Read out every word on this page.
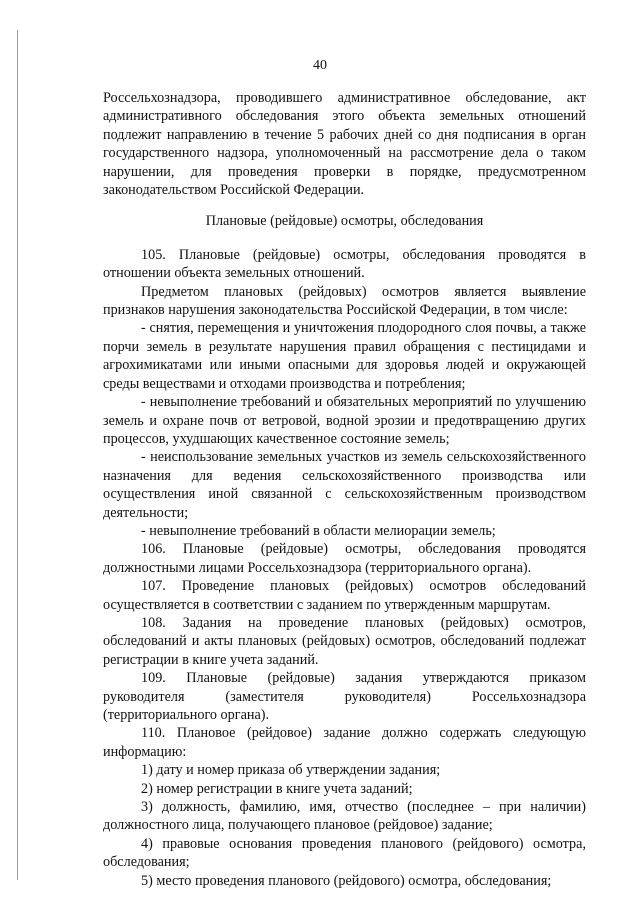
40

Россельхознадзора, проводившего административное обследование, акт административного обследования этого объекта земельных отношений подлежит направлению в течение 5 рабочих дней со дня подписания в орган государственного надзора, уполномоченный на рассмотрение дела о таком нарушении, для проведения проверки в порядке, предусмотренном законодательством Российской Федерации.

Плановые (рейдовые) осмотры, обследования

105. Плановые (рейдовые) осмотры, обследования проводятся в отношении объекта земельных отношений.

Предметом плановых (рейдовых) осмотров является выявление признаков нарушения законодательства Российской Федерации, в том числе:

- снятия, перемещения и уничтожения плодородного слоя почвы, а также порчи земель в результате нарушения правил обращения с пестицидами и агрохимикатами или иными опасными для здоровья людей и окружающей среды веществами и отходами производства и потребления;

- невыполнение требований и обязательных мероприятий по улучшению земель и охране почв от ветровой, водной эрозии и предотвращению других процессов, ухудшающих качественное состояние земель;

- неиспользование земельных участков из земель сельскохозяйственного назначения для ведения сельскохозяйственного производства или осуществления иной связанной с сельскохозяйственным производством деятельности;

- невыполнение требований в области мелиорации земель;

106. Плановые (рейдовые) осмотры, обследования проводятся должностными лицами Россельхознадзора (территориального органа).

107. Проведение плановых (рейдовых) осмотров обследований осуществляется в соответствии с заданием по утвержденным маршрутам.

108. Задания на проведение плановых (рейдовых) осмотров, обследований и акты плановых (рейдовых) осмотров, обследований подлежат регистрации в книге учета заданий.

109. Плановые (рейдовые) задания утверждаются приказом руководителя (заместителя руководителя) Россельхознадзора (территориального органа).

110. Плановое (рейдовое) задание должно содержать следующую информацию:

1) дату и номер приказа об утверждении задания;

2) номер регистрации в книге учета заданий;

3) должность, фамилию, имя, отчество (последнее – при наличии) должностного лица, получающего плановое (рейдовое) задание;

4) правовые основания проведения планового (рейдового) осмотра, обследования;

5) место проведения планового (рейдового) осмотра, обследования;
